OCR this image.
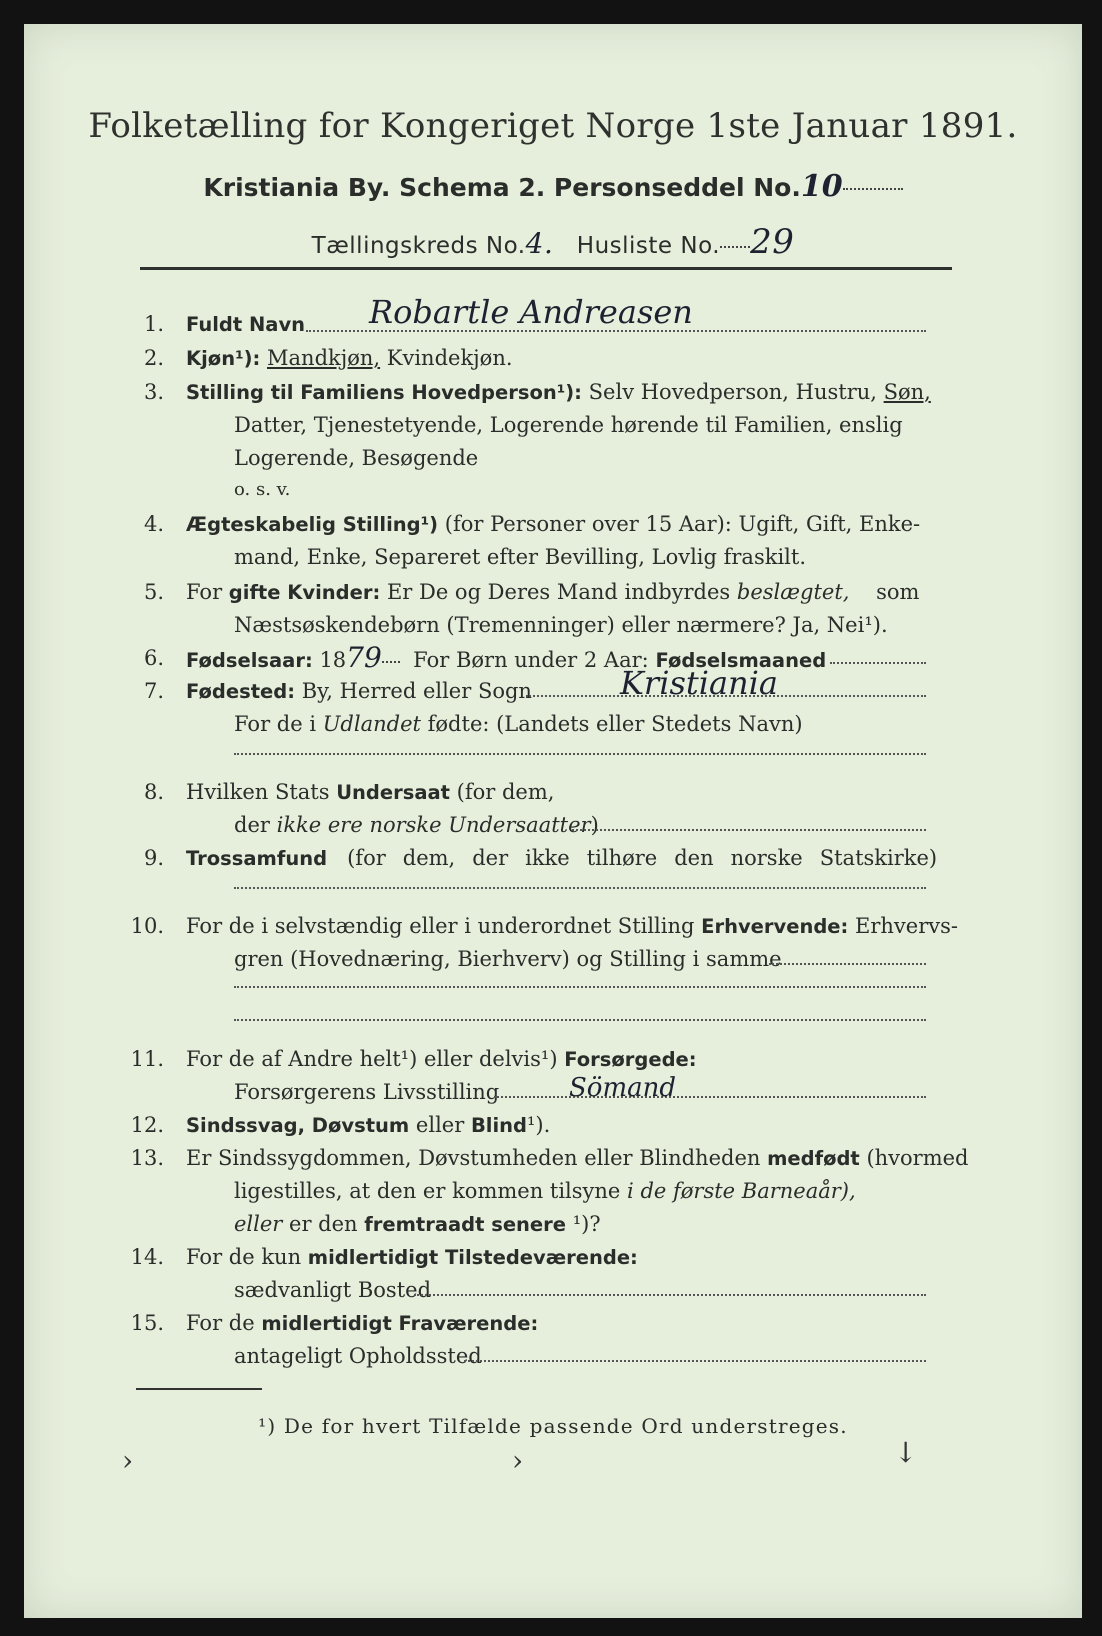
Folketælling for Kongeriget Norge 1ste Januar 1891.
Kristiania By. Schema 2. Personseddel No.10
Tællingskreds No.4. Husliste No. 29
1. Fuldt Navn Robartle Andreasen
2. Kjøn¹): Mandkjøn, Kvindekjøn.
3. Stilling til Familiens Hovedperson¹): Selv Hovedperson, Hustru, Søn,
Datter, Tjenestetyende, Logerende hørende til Familien, enslig
Logerende, Besøgende
o. s. v.
4. Ægteskabelig Stilling¹) (for Personer over 15 Aar): Ugift, Gift, Enke-
mand, Enke, Separeret efter Bevilling, Lovlig fraskilt.
5. For gifte Kvinder: Er De og Deres Mand indbyrdes beslægtet, som
Næstsøskendebørn (Tremenninger) eller nærmere? Ja, Nei¹).
6. Fødselsaar: 1879 For Børn under 2 Aar: Fødselsmaaned
7. Fødested: By, Herred eller Sogn	Kristiania
For de i Udlandet fødte: (Landets eller Stedets Navn)
8. Hvilken Stats Undersaat (for dem,
der ikke ere norske Undersaatter)
9. Trossamfund (for dem, der ikke tilhøre den norske Statskirke)
10. For de i selvstændig eller i underordnet Stilling Erhvervende: Erhvervs-
gren (Hovednæring, Bierhverv) og Stilling i samme
11. For de af Andre helt¹) eller delvis¹) Forsørgede:
Forsørgerens Livsstilling	Sömand
12. Sindssvag, Døvstum eller Blind¹).
13. Er Sindssygdommen, Døvstumheden eller Blindheden medfødt (hvormed
ligestilles, at den er kommen tilsyne i de første Barneaår),
eller er den fremtraadt senere ¹)?
14. For de kun midlertidigt Tilstedeværende:
sædvanligt Bosted
15. For de midlertidigt Fraværende:
antageligt Opholdssted
¹) De for hvert Tilfælde passende Ord understreges.
›	›	↓
